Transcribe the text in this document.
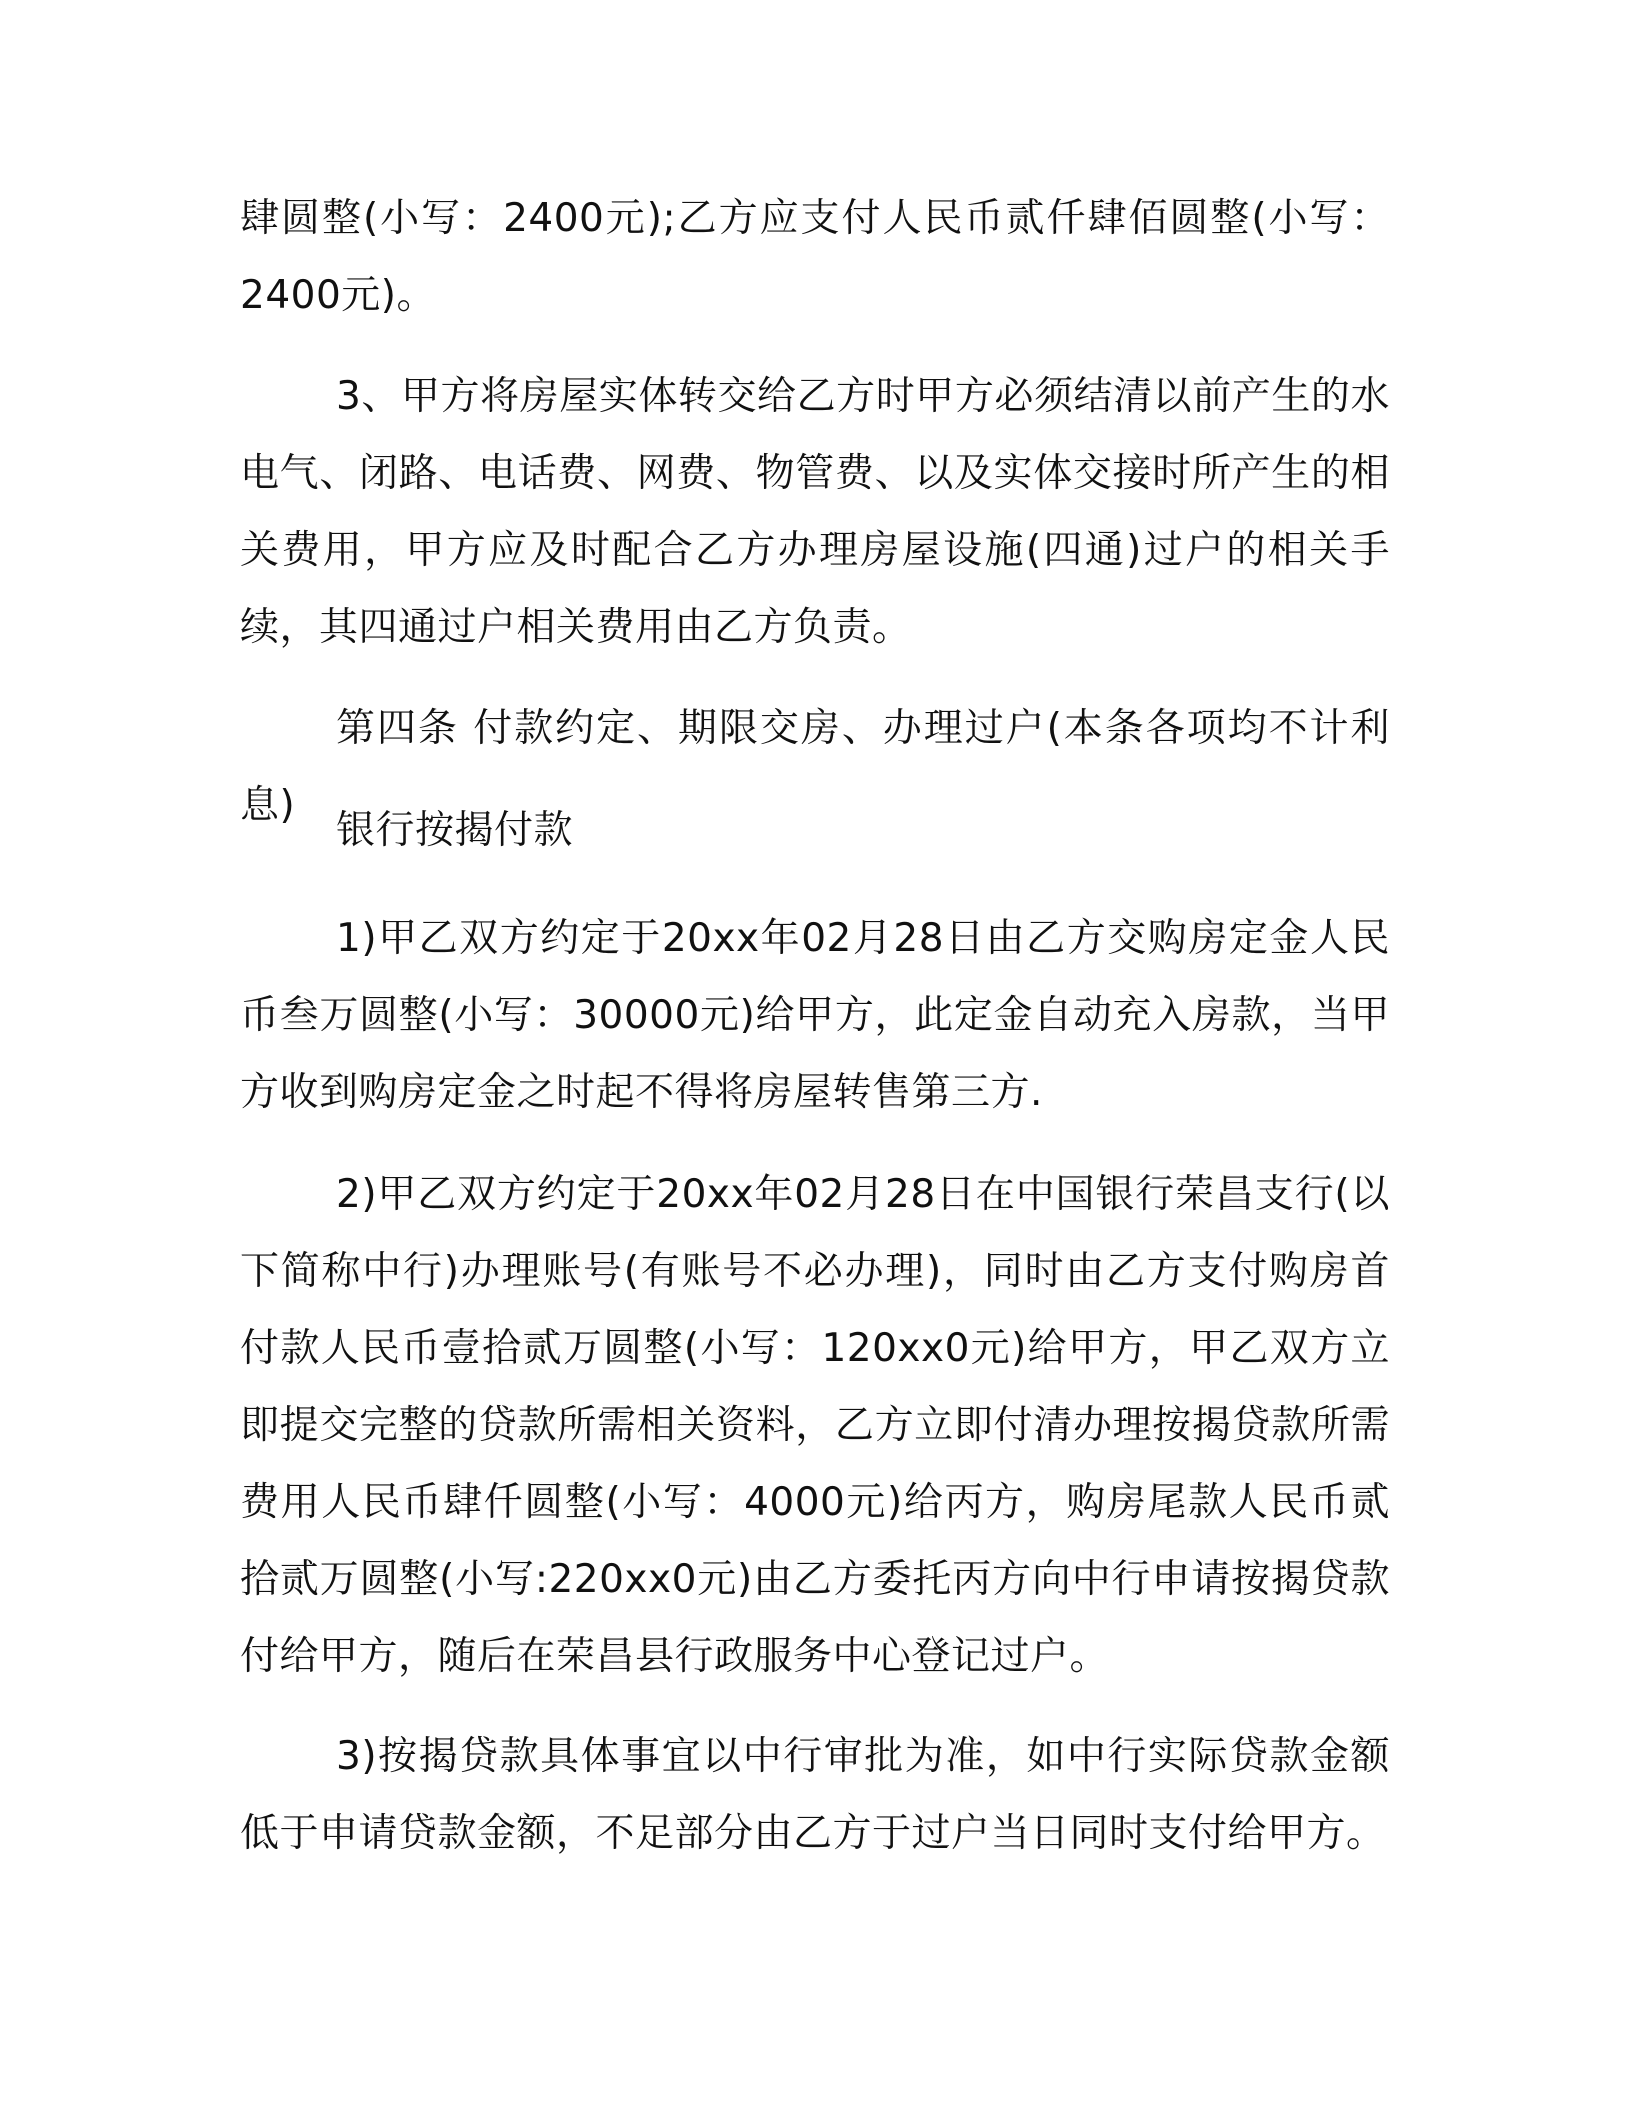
肆圆整(小写：2400元);乙方应支付人民币贰仟肆佰圆整(小写：2400元)。

3、甲方将房屋实体转交给乙方时甲方必须结清以前产生的水电气、闭路、电话费、网费、物管费、以及实体交接时所产生的相关费用，甲方应及时配合乙方办理房屋设施(四通)过户的相关手续，其四通过户相关费用由乙方负责。

第四条 付款约定、期限交房、办理过户(本条各项均不计利息)

银行按揭付款

1)甲乙双方约定于20xx年02月28日由乙方交购房定金人民币叁万圆整(小写：30000元)给甲方，此定金自动充入房款，当甲方收到购房定金之时起不得将房屋转售第三方.

2)甲乙双方约定于20xx年02月28日在中国银行荣昌支行(以下简称中行)办理账号(有账号不必办理)，同时由乙方支付购房首付款人民币壹拾贰万圆整(小写：120xx0元)给甲方，甲乙双方立即提交完整的贷款所需相关资料，乙方立即付清办理按揭贷款所需费用人民币肆仟圆整(小写：4000元)给丙方，购房尾款人民币贰拾贰万圆整(小写:220xx0元)由乙方委托丙方向中行申请按揭贷款付给甲方，随后在荣昌县行政服务中心登记过户。

3)按揭贷款具体事宜以中行审批为准，如中行实际贷款金额低于申请贷款金额，不足部分由乙方于过户当日同时支付给甲方。
